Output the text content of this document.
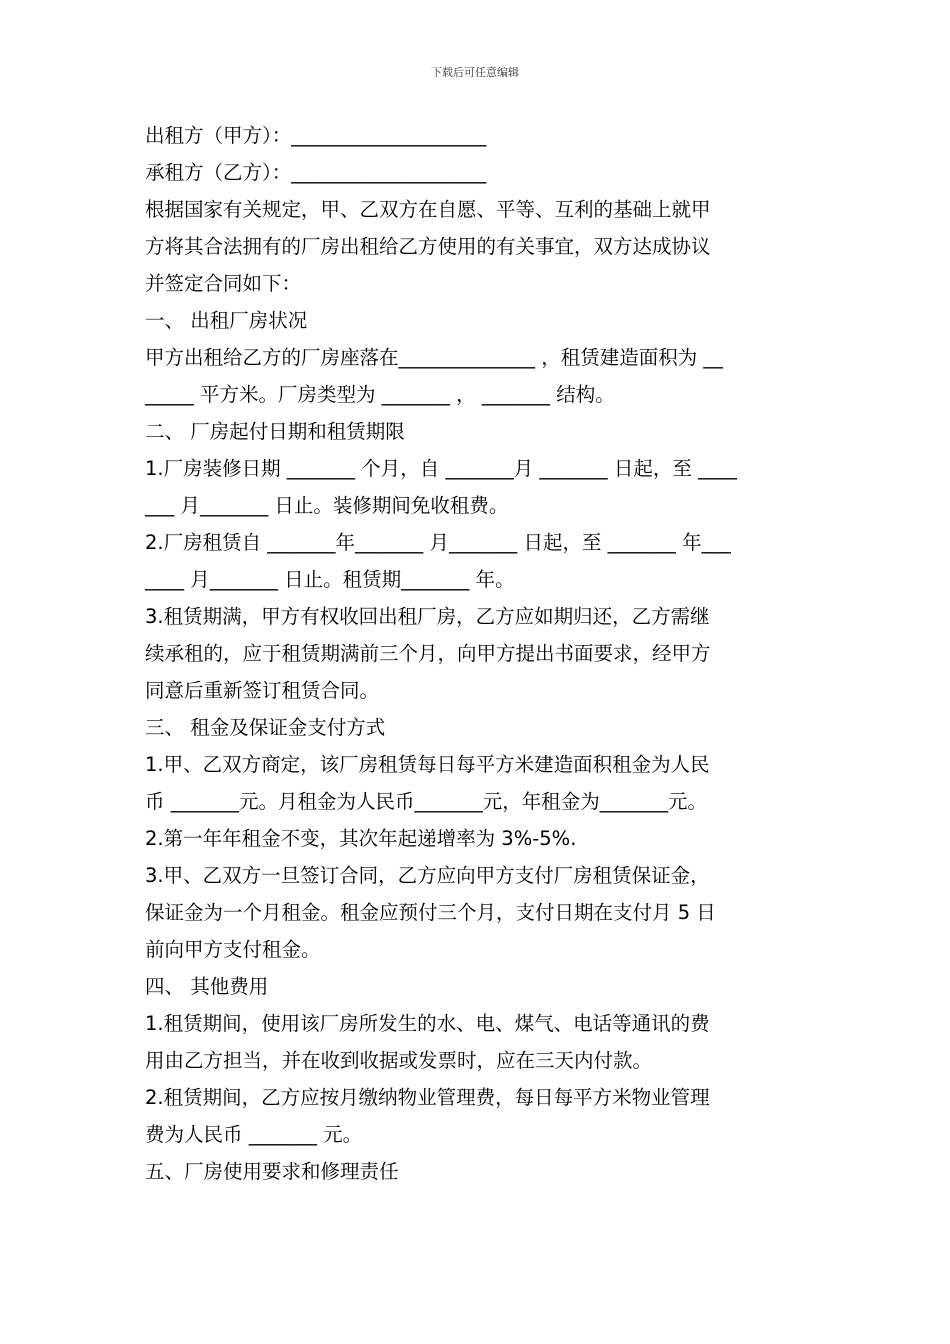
下载后可任意编辑
出租方（甲方）：____________________
承租方（乙方）：____________________
根据国家有关规定，甲、乙双方在自愿、平等、互利的基础上就甲
方将其合法拥有的厂房出租给乙方使用的有关事宜，双方达成协议
并签定合同如下：
一、 出租厂房状况
甲方出租给乙方的厂房座落在______________ ，租赁建造面积为 __
_____ 平方米。厂房类型为 _______ ， _______ 结构。
二、 厂房起付日期和租赁期限
1.厂房装修日期 _______ 个月，自 _______月 _______ 日起，至 ____
___ 月_______ 日止。装修期间免收租费。
2.厂房租赁自 _______年_______ 月_______ 日起，至 _______ 年___
____ 月_______ 日止。租赁期_______ 年。
3.租赁期满，甲方有权收回出租厂房，乙方应如期归还，乙方需继
续承租的，应于租赁期满前三个月，向甲方提出书面要求，经甲方
同意后重新签订租赁合同。
三、 租金及保证金支付方式
1.甲、乙双方商定，该厂房租赁每日每平方米建造面积租金为人民
币 _______元。月租金为人民币_______元，年租金为_______元。
2.第一年年租金不变，其次年起递增率为 3%-5%.
3.甲、乙双方一旦签订合同，乙方应向甲方支付厂房租赁保证金，
保证金为一个月租金。租金应预付三个月，支付日期在支付月 5 日
前向甲方支付租金。
四、 其他费用
1.租赁期间，使用该厂房所发生的水、电、煤气、电话等通讯的费
用由乙方担当，并在收到收据或发票时，应在三天内付款。
2.租赁期间，乙方应按月缴纳物业管理费，每日每平方米物业管理
费为人民币 _______ 元。
五、厂房使用要求和修理责任
